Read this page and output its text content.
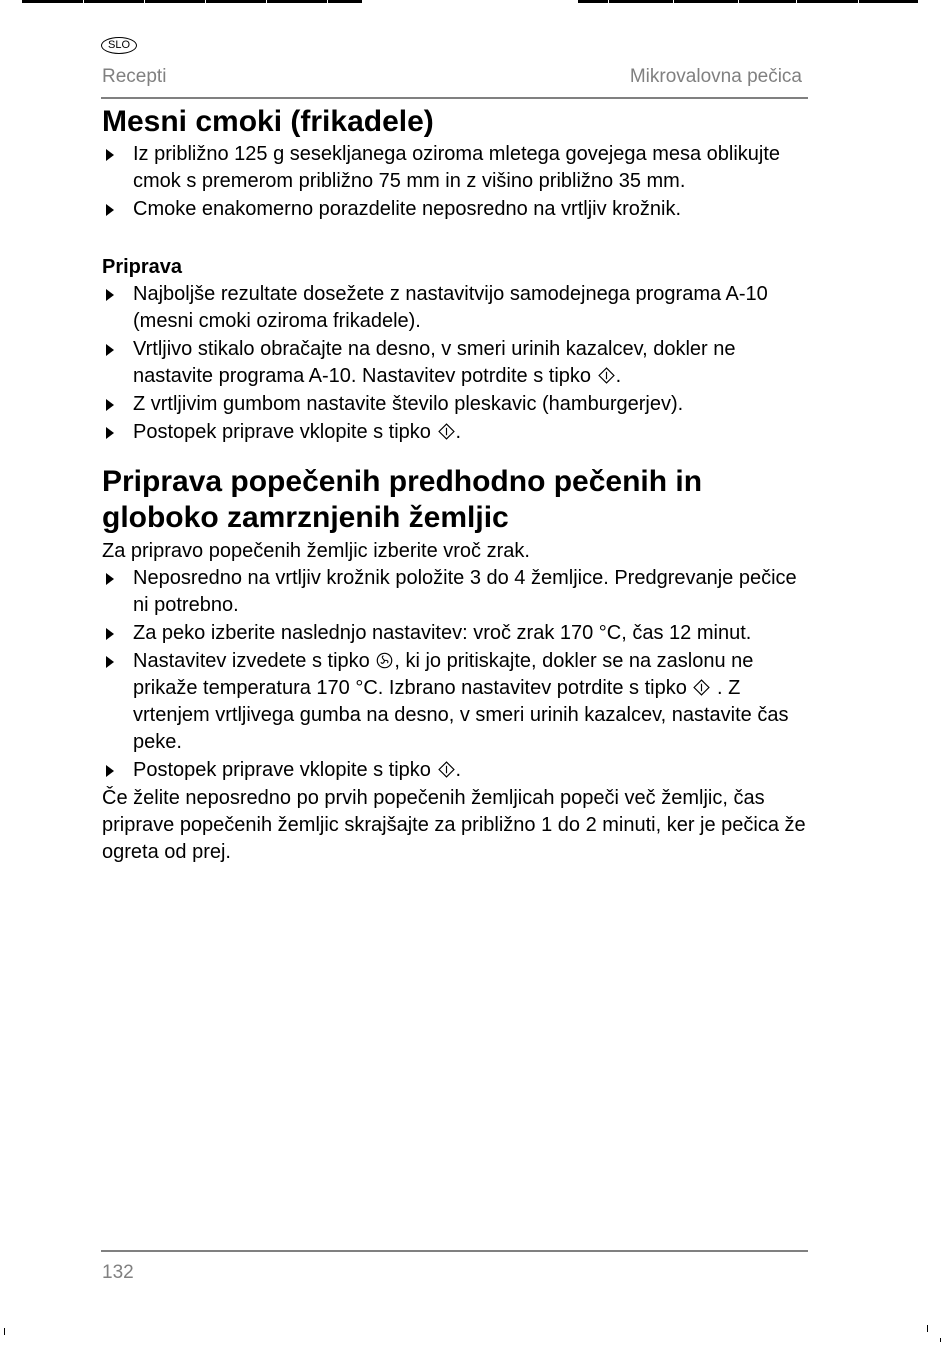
SLO
Recepti	Mikrovalovna pečica
Mesni cmoki (frikadele)
Iz približno 125 g sesekljanega oziroma mletega govejega mesa oblikujte cmok s premerom približno 75 mm in z višino približno 35 mm.
Cmoke enakomerno porazdelite neposredno na vrtljiv krožnik.
Priprava
Najboljše rezultate dosežete z nastavitvijo samodejnega programa A-10 (mesni cmoki oziroma frikadele).
Vrtljivo stikalo obračajte na desno, v smeri urinih kazalcev, dokler ne nastavite programa A-10. Nastavitev potrdite s tipko .
Z vrtljivim gumbom nastavite število pleskavic (hamburgerjev).
Postopek priprave vklopite s tipko .
Priprava popečenih predhodno pečenih in globoko zamrznjenih žemljic

Za pripravo popečenih žemljic izberite vroč zrak.

Neposredno na vrtljiv krožnik položite 3 do 4 žemljice. Predgrevanje pečice ni potrebno.
Za peko izberite naslednjo nastavitev: vroč zrak 170 °C, čas 12 minut.
Nastavitev izvedete s tipko , ki jo pritiskajte, dokler se na zaslonu ne prikaže temperatura 170 °C. Izbrano nastavitev potrdite s tipko . Z vrtenjem vrtljivega gumba na desno, v smeri urinih kazalcev, nastavite čas peke.
Postopek priprave vklopite s tipko .

Če želite neposredno po prvih popečenih žemljicah popeči več žemljic, čas priprave popečenih žemljic skrajšajte za približno 1 do 2 minuti, ker je pečica že ogreta od prej.

132
